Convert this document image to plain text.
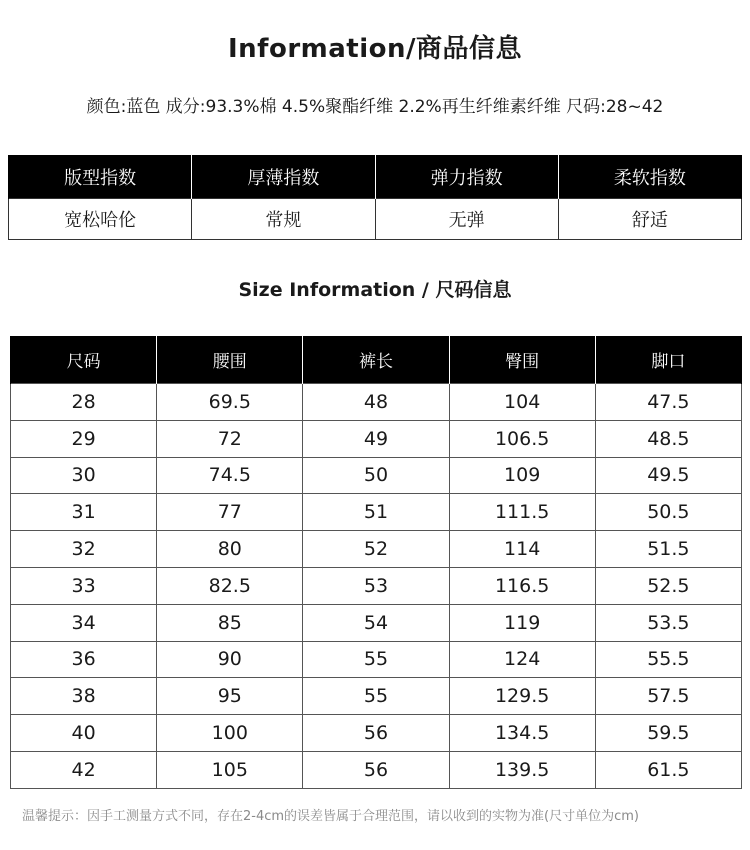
Information/商品信息
颜色:蓝色 成分:93.3%棉 4.5%聚酯纤维 2.2%再生纤维素纤维 尺码:28~42
版型指数	厚薄指数	弹力指数	柔软指数
宽松哈伦	常规	无弹	舒适
Size Information / 尺码信息
尺码	腰围	裤长	臀围	脚口
28	69.5	48	104	47.5
29	72	49	106.5	48.5
30	74.5	50	109	49.5
31	77	51	111.5	50.5
32	80	52	114	51.5
33	82.5	53	116.5	52.5
34	85	54	119	53.5
36	90	55	124	55.5
38	95	55	129.5	57.5
40	100	56	134.5	59.5
42	105	56	139.5	61.5
温馨提示：因手工测量方式不同，存在2-4cm的误差皆属于合理范围，请以收到的实物为准(尺寸单位为cm)
